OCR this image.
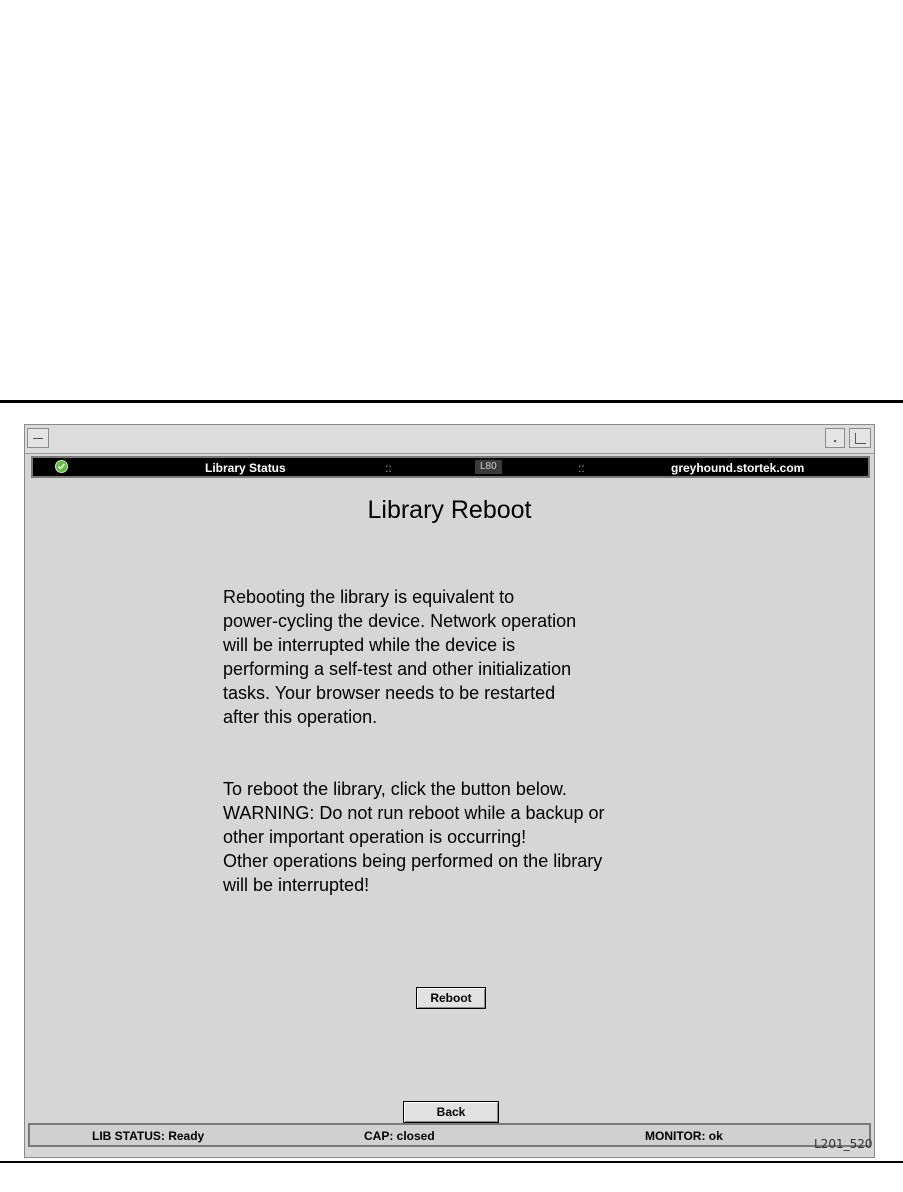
Library Status	::	L80	::	greyhound.stortek.com
Library Reboot

Rebooting the library is equivalent to
power-cycling the device. Network operation
will be interrupted while the device is
performing a self-test and other initialization
tasks. Your browser needs to be restarted
after this operation.

To reboot the library, click the button below.
WARNING: Do not run reboot while a backup or
other important operation is occurring!
Other operations being performed on the library
will be interrupted!

Reboot
Back
LIB STATUS: Ready	CAP: closed	MONITOR: ok
L201_520
